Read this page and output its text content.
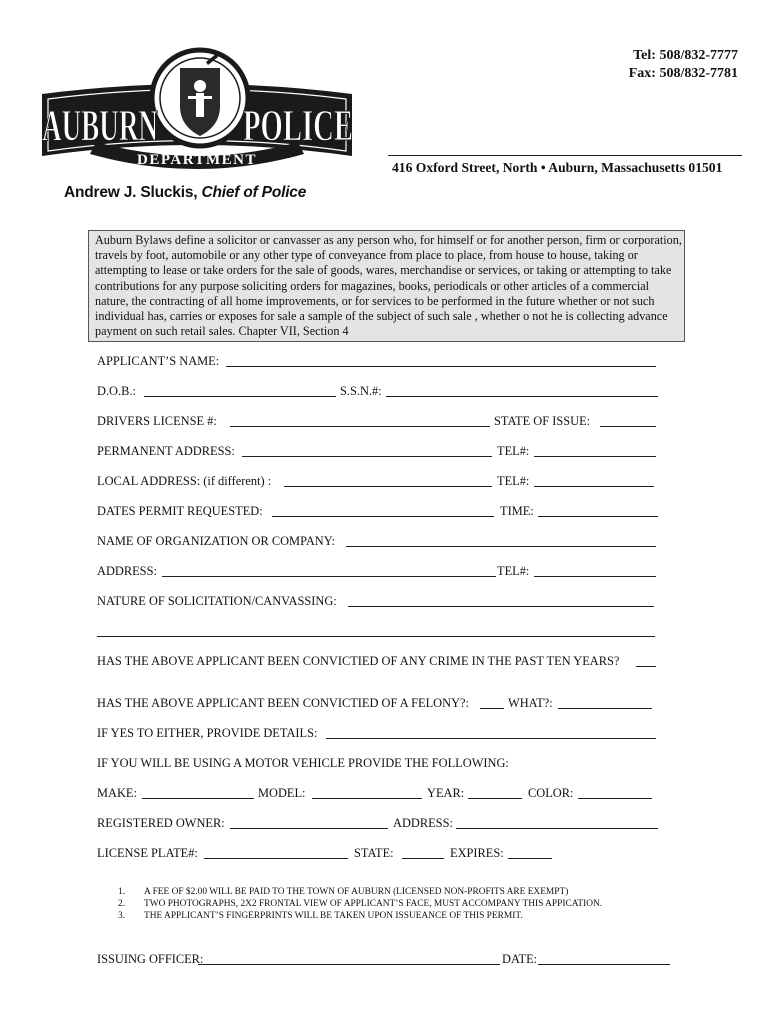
DEPARTMENT
AUBURN POLICE
Tel: 508/832-7777
Fax: 508/832-7781
416 Oxford Street, North • Auburn, Massachusetts 01501
Andrew J. Sluckis, Chief of Police
Auburn Bylaws define a solicitor or canvasser as any person who, for himself or for another person, firm or corporation, travels by foot, automobile or any other type of conveyance from place to place, from house to house, taking or attempting to lease or take orders for the sale of goods, wares, merchandise or services, or taking or attempting to take contributions for any purpose soliciting orders for magazines, books, periodicals or other articles of a commercial nature, the contracting of all home improvements, or for services to be performed in the future whether or not such individual has, carries or exposes for sale a sample of the subject of such sale , whether o not he is collecting advance payment on such retail sales. Chapter VII, Section 4
APPLICANT’S NAME:
D.O.B.:	S.S.N.#:
DRIVERS LICENSE #:	STATE OF ISSUE:
PERMANENT ADDRESS:	TEL#:
LOCAL ADDRESS: (if different) :	TEL#:
DATES PERMIT REQUESTED:	TIME:
NAME OF ORGANIZATION OR COMPANY:
ADDRESS:	TEL#:
NATURE OF SOLICITATION/CANVASSING:
HAS THE ABOVE APPLICANT BEEN CONVICTIED OF ANY CRIME IN THE PAST TEN YEARS?
HAS THE ABOVE APPLICANT BEEN CONVICTIED OF A FELONY?:	WHAT?:
IF YES TO EITHER, PROVIDE DETAILS:
IF YOU WILL BE USING A MOTOR VEHICLE PROVIDE THE FOLLOWING:
MAKE:	MODEL:	YEAR:	COLOR:
REGISTERED OWNER:	ADDRESS:
LICENSE PLATE#:	STATE:	EXPIRES:
1. A FEE OF $2.00 WILL BE PAID TO THE TOWN OF AUBURN (LICENSED NON-PROFITS ARE EXEMPT)
2. TWO PHOTOGRAPHS, 2X2 FRONTAL VIEW OF APPLICANT’S FACE, MUST ACCOMPANY THIS APPICATION.
3. THE APPLICANT’S FINGERPRINTS WILL BE TAKEN UPON ISSUEANCE OF THIS PERMIT.
ISSUING OFFICER:	DATE:
